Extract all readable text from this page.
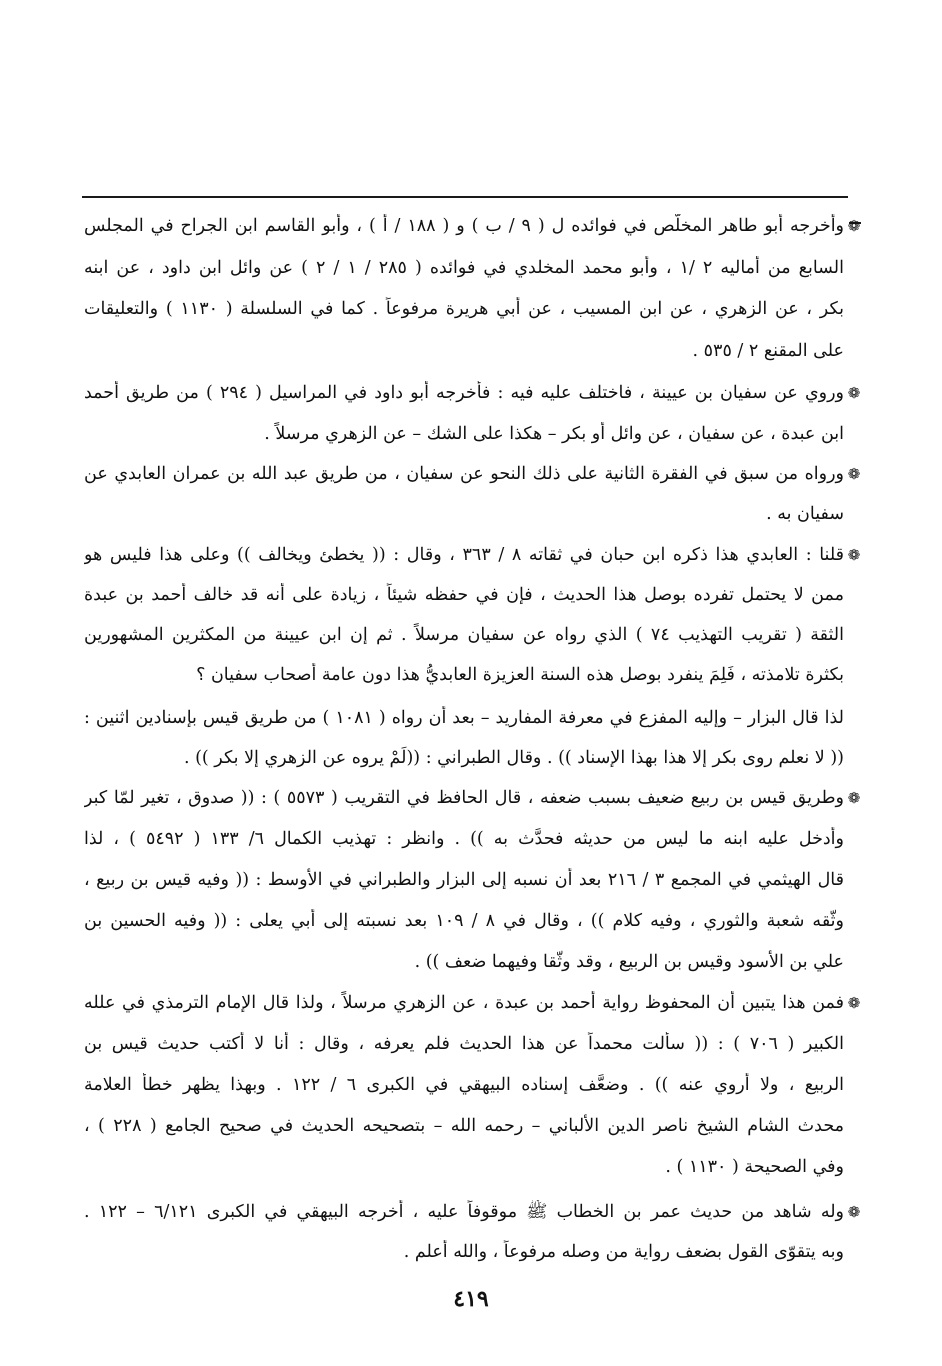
❁
وأخرجه أبو طاهر المخلّص في فوائده ل ( ٩ / ب ) و ( ١٨٨ / أ ) ، وأبو القاسم ابن الجراح في المجلس
السابع من أماليه ٢ /١ ، وأبو محمد المخلدي في فوائده ( ٢٨٥ / ١ / ٢ ) عن وائل ابن داود ، عن ابنه
بكر ، عن الزهري ، عن ابن المسيب ، عن أبي هريرة مرفوعاً . كما في السلسلة ( ١١٣٠ ) والتعليقات
على المقنع ٢ / ٥٣٥ .
❁
وروي عن سفيان بن عيينة ، فاختلف عليه فيه : فأخرجه أبو داود في المراسيل ( ٢٩٤ ) من طريق أحمد
ابن عبدة ، عن سفيان ، عن وائل أو بكر – هكذا على الشك – عن الزهري مرسلاً .
❁
ورواه من سبق في الفقرة الثانية على ذلك النحو عن سفيان ، من طريق عبد الله بن عمران العابدي عن
سفيان به .
❁
قلنا : العابدي هذا ذكره ابن حبان في ثقاته ٨ / ٣٦٣ ، وقال : (( يخطئ ويخالف )) وعلى هذا فليس هو
ممن لا يحتمل تفرده بوصل هذا الحديث ، فإن في حفظه شيئاً ، زيادة على أنه قد خالف أحمد بن عبدة
الثقة ( تقريب التهذيب ٧٤ ) الذي رواه عن سفيان مرسلاً . ثم إن ابن عيينة من المكثرين المشهورين
بكثرة تلامذته ، فَلِمَ ينفرد بوصل هذه السنة العزيزة العابديُّ هذا دون عامة أصحاب سفيان ؟
لذا قال البزار – وإليه المفزع في معرفة المفاريد – بعد أن رواه ( ١٠٨١ ) من طريق قيس بإسنادين اثنين :
(( لا نعلم روى بكر إلا هذا بهذا الإسناد )) . وقال الطبراني : ((لَمْ يروه عن الزهري إلا بكر )) .
❁
وطريق قيس بن ربيع ضعيف بسبب ضعفه ، قال الحافظ في التقريب ( ٥٥٧٣ ) : (( صدوق ، تغير لمّا كبر
وأدخل عليه ابنه ما ليس من حديثه فحدَّث به )) . وانظر : تهذيب الكمال ٦/ ١٣٣ ( ٥٤٩٢ ) ، لذا
قال الهيثمي في المجمع ٣ / ٢١٦ بعد أن نسبه إلى البزار والطبراني في الأوسط : (( وفيه قيس بن ربيع ،
وثّقه شعبة والثوري ، وفيه كلام )) ، وقال في ٨ / ١٠٩ بعد نسبته إلى أبي يعلى : (( وفيه الحسين بن
علي بن الأسود وقيس بن الربيع ، وقد وثّقا وفيهما ضعف )) .
❁
فمن هذا يتبين أن المحفوظ رواية أحمد بن عبدة ، عن الزهري مرسلاً ، ولذا قال الإمام الترمذي في علله
الكبير ( ٧٠٦ ) : (( سألت محمداً عن هذا الحديث فلم يعرفه ، وقال : أنا لا أكتب حديث قيس بن
الربيع ، ولا أروي عنه )) . وضعَّف إسناده البيهقي في الكبرى ٦ / ١٢٢ . وبهذا يظهر خطأ العلامة
محدث الشام الشيخ ناصر الدين الألباني – رحمه الله – بتصحيحه الحديث في صحيح الجامع ( ٢٢٨ ) ،
وفي الصحيحة ( ١١٣٠ ) .
❁
وله شاهد من حديث عمر بن الخطاب ﷺ موقوفاً عليه ، أخرجه البيهقي في الكبرى ٦/١٢١ – ١٢٢ .
وبه يتقوّى القول بضعف رواية من وصله مرفوعاً ، والله أعلم .
٤١٩
